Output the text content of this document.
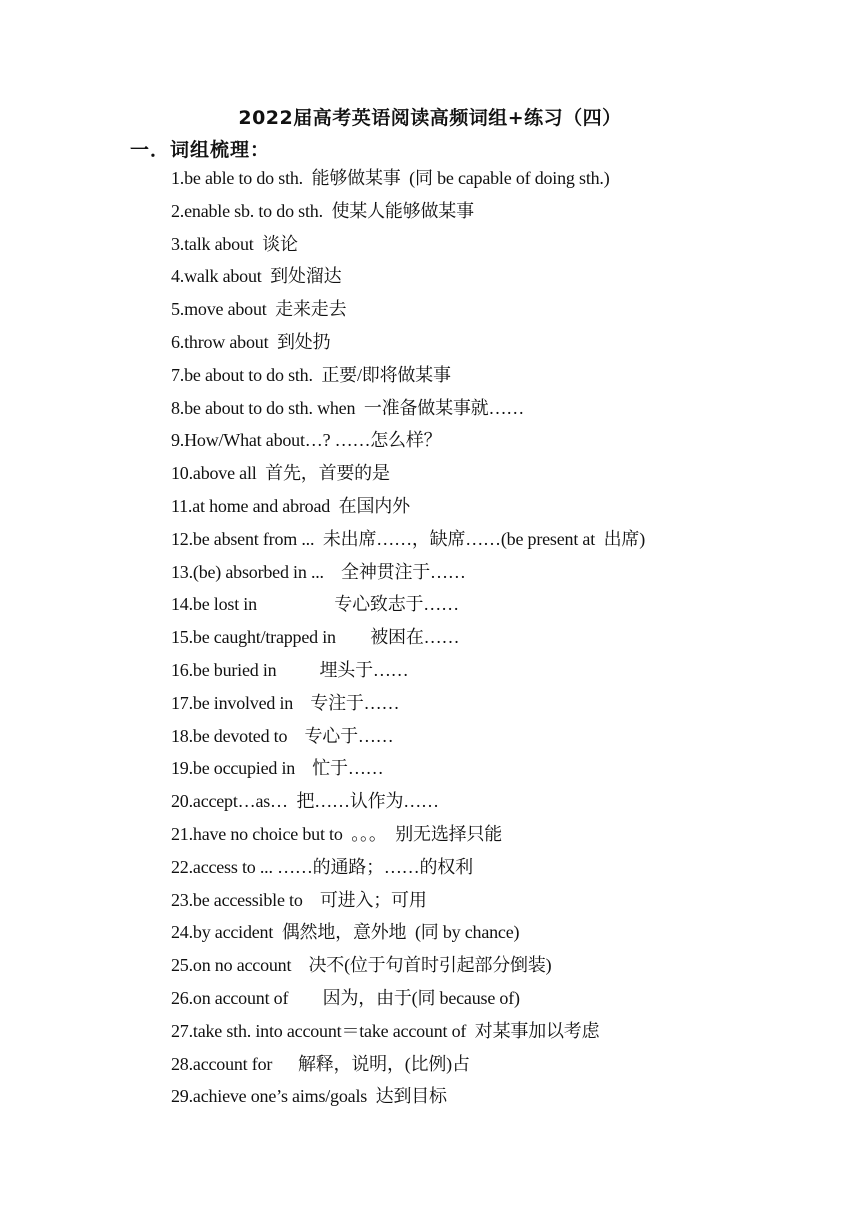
2022届高考英语阅读高频词组+练习（四）
一．词组梳理：
1.be able to do sth.  能够做某事  (同 be capable of doing sth.)
2.enable sb. to do sth.  使某人能够做某事
3.talk about  谈论
4.walk about  到处溜达
5.move about  走来走去
6.throw about  到处扔
7.be about to do sth.  正要/即将做某事
8.be about to do sth. when  一准备做某事就……
9.How/What about…? ……怎么样？
10.above all  首先，首要的是
11.at home and abroad  在国内外
12.be absent from ...  未出席……，缺席……(be present at  出席)
13.(be) absorbed in ...    全神贯注于……
14.be lost in                  专心致志于……
15.be caught/trapped in        被困在……
16.be buried in          埋头于……
17.be involved in    专注于……
18.be devoted to    专心于……
19.be occupied in    忙于……
20.accept…as…  把……认作为……
21.have no choice but to  。。。  别无选择只能
22.access to ... ……的通路；……的权利
23.be accessible to    可进入；可用
24.by accident  偶然地，意外地  (同 by chance)
25.on no account    决不(位于句首时引起部分倒装)
26.on account of        因为，由于(同 because of)
27.take sth. into account＝take account of  对某事加以考虑
28.account for      解释，说明，(比例)占
29.achieve one’s aims/goals  达到目标
